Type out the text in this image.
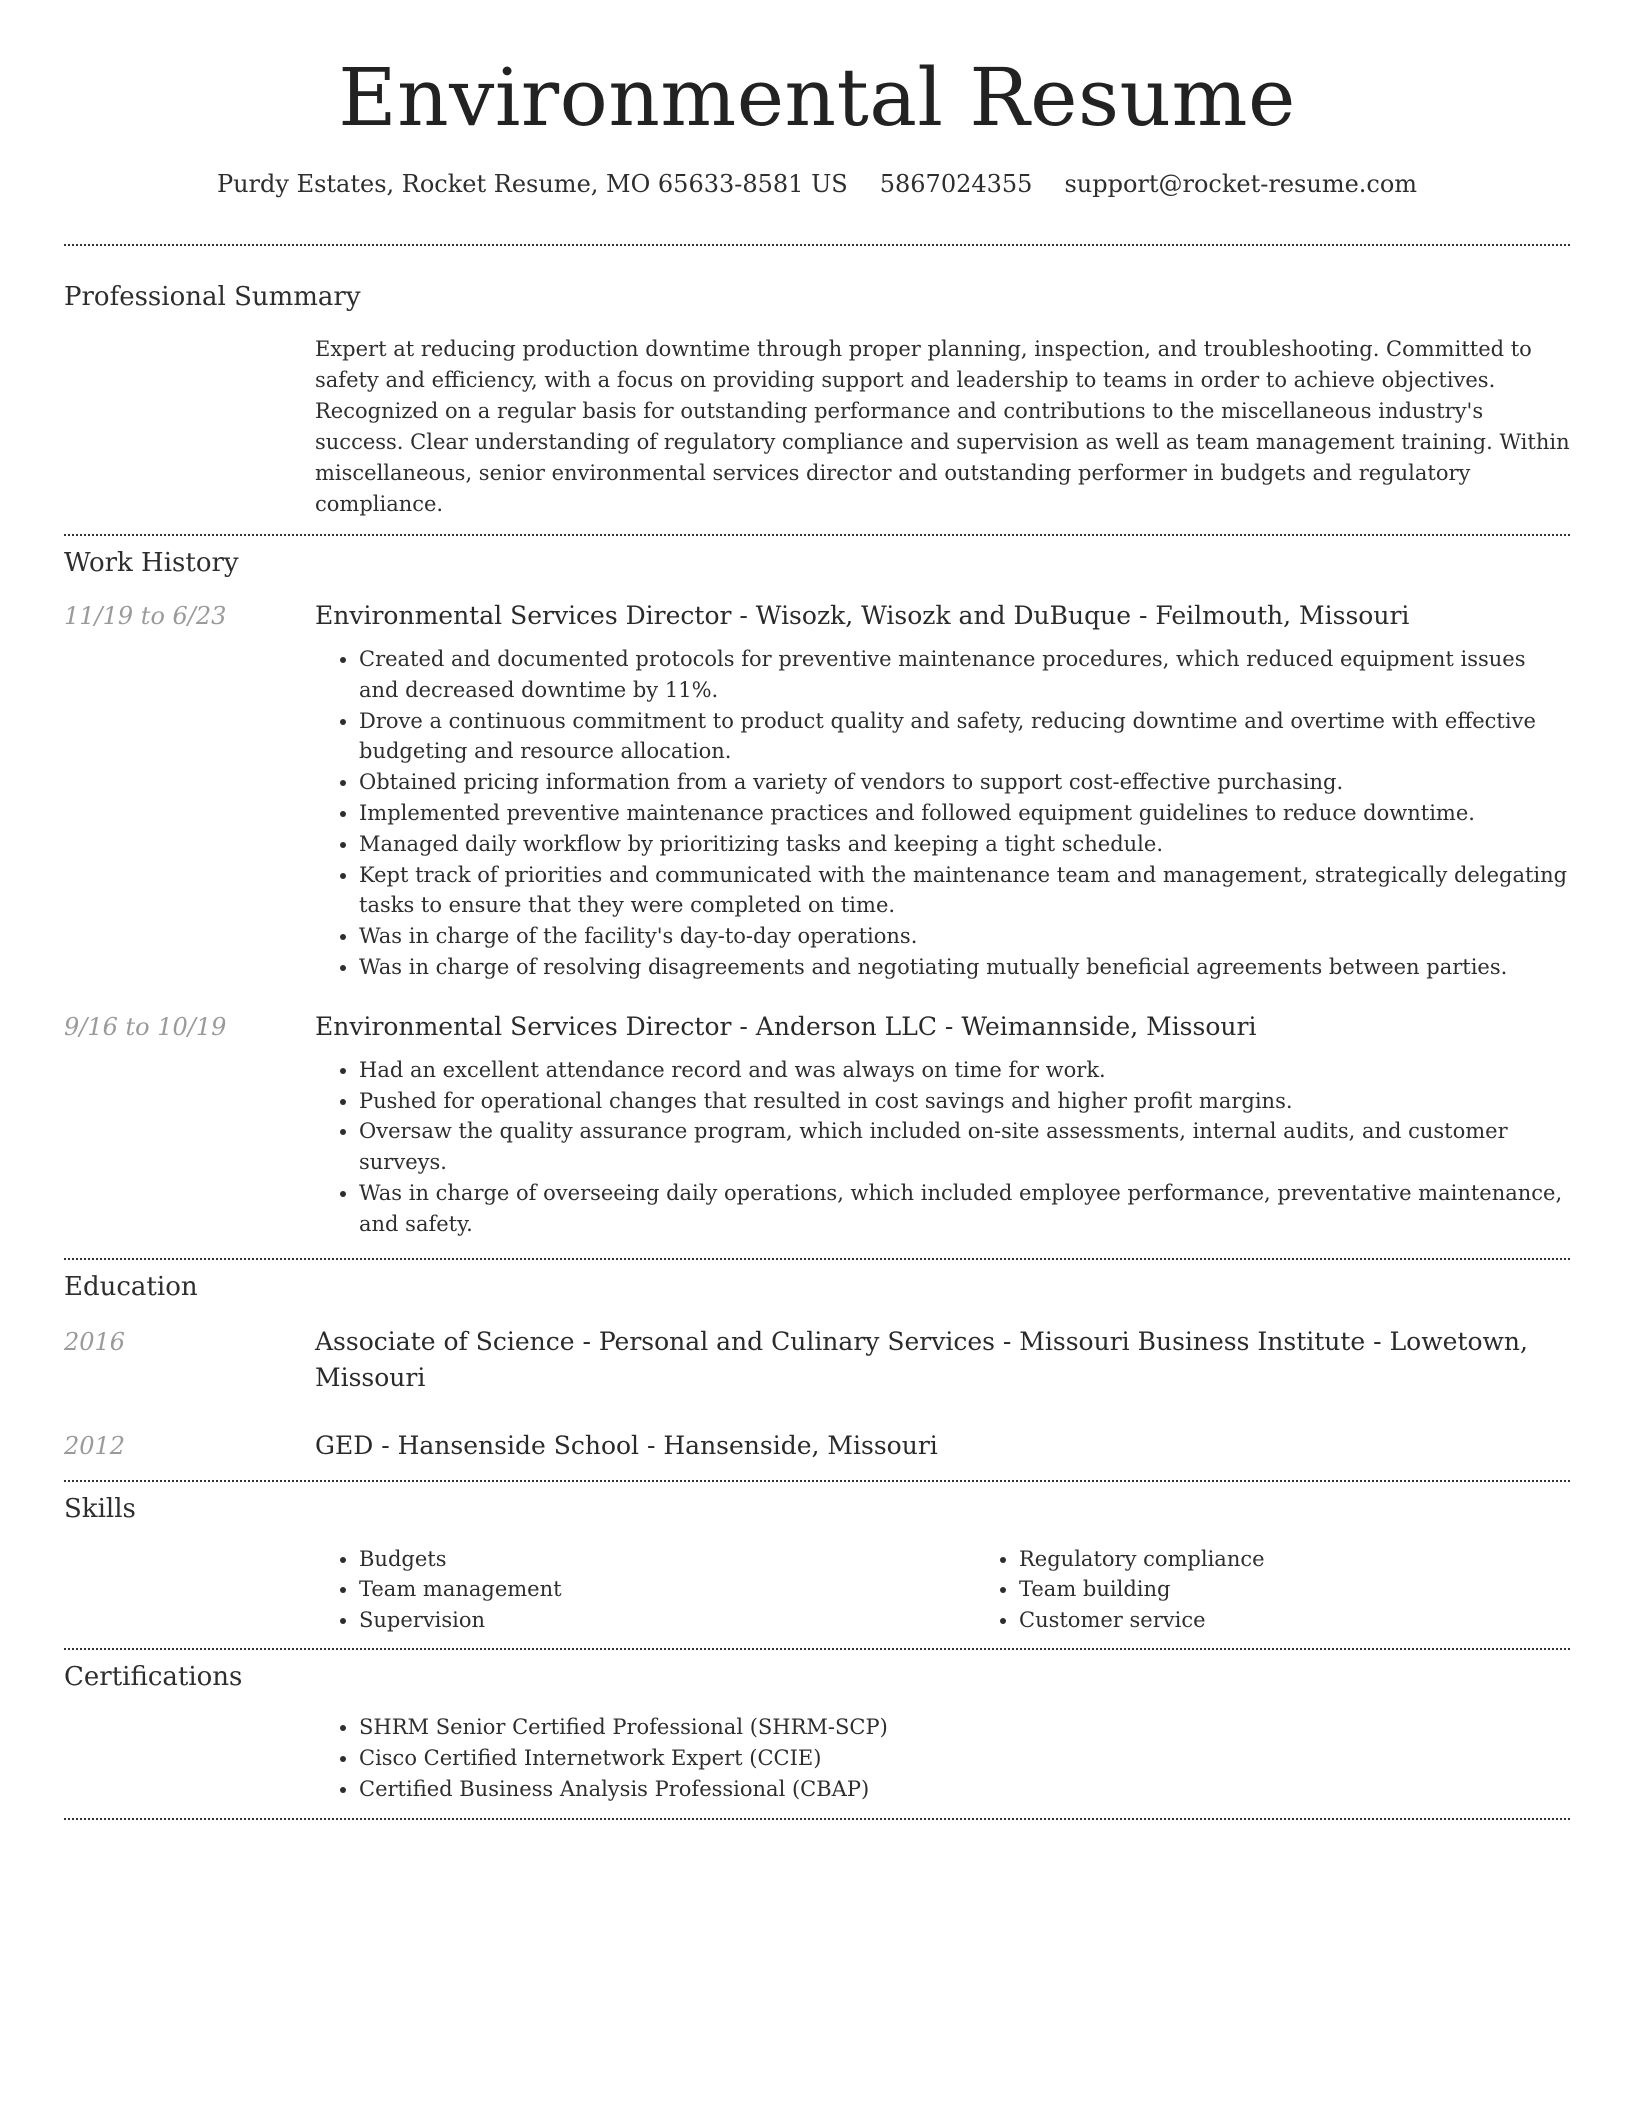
Environmental Resume
Purdy Estates, Rocket Resume, MO 65633-8581 US 5867024355 support@rocket-resume.com
Professional Summary
Expert at reducing production downtime through proper planning, inspection, and troubleshooting. Committed to safety and efficiency, with a focus on providing support and leadership to teams in order to achieve objectives. Recognized on a regular basis for outstanding performance and contributions to the miscellaneous industry's success. Clear understanding of regulatory compliance and supervision as well as team management training. Within miscellaneous, senior environmental services director and outstanding performer in budgets and regulatory compliance.
Work History
11/19 to 6/23	Environmental Services Director - Wisozk, Wisozk and DuBuque - Feilmouth, Missouri
• Created and documented protocols for preventive maintenance procedures, which reduced equipment issues and decreased downtime by 11%.
• Drove a continuous commitment to product quality and safety, reducing downtime and overtime with effective budgeting and resource allocation.
• Obtained pricing information from a variety of vendors to support cost-effective purchasing.
• Implemented preventive maintenance practices and followed equipment guidelines to reduce downtime.
• Managed daily workflow by prioritizing tasks and keeping a tight schedule.
• Kept track of priorities and communicated with the maintenance team and management, strategically delegating tasks to ensure that they were completed on time.
• Was in charge of the facility's day-to-day operations.
• Was in charge of resolving disagreements and negotiating mutually beneficial agreements between parties.
9/16 to 10/19	Environmental Services Director - Anderson LLC - Weimannside, Missouri
• Had an excellent attendance record and was always on time for work.
• Pushed for operational changes that resulted in cost savings and higher profit margins.
• Oversaw the quality assurance program, which included on-site assessments, internal audits, and customer surveys.
• Was in charge of overseeing daily operations, which included employee performance, preventative maintenance, and safety.
Education
2016	Associate of Science - Personal and Culinary Services - Missouri Business Institute - Lowetown, Missouri
2012	GED - Hansenside School - Hansenside, Missouri
Skills
• Budgets
• Team management
• Supervision
• Regulatory compliance
• Team building
• Customer service
Certifications
• SHRM Senior Certified Professional (SHRM-SCP)
• Cisco Certified Internetwork Expert (CCIE)
• Certified Business Analysis Professional (CBAP)
